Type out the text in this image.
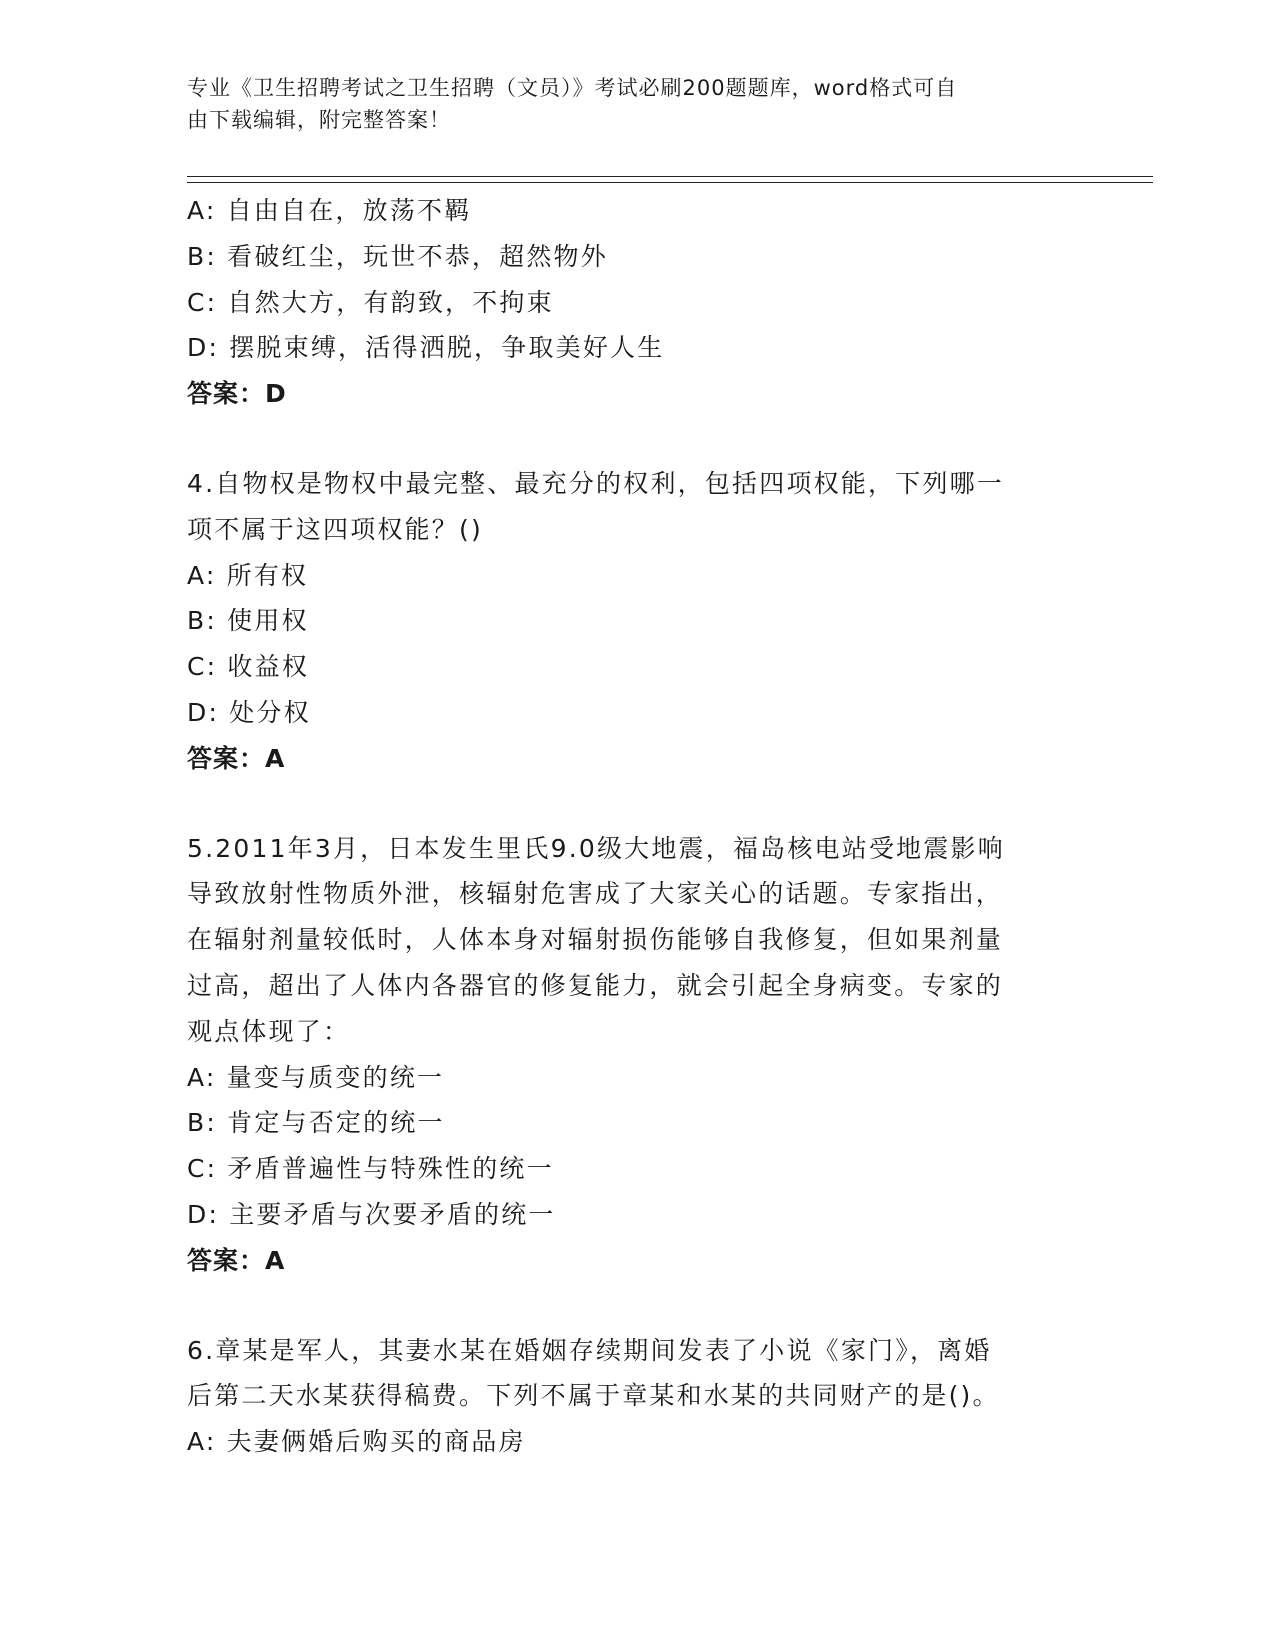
专业《卫生招聘考试之卫生招聘（文员）》考试必刷200题题库，word格式可自
由下载编辑，附完整答案！
A: 自由自在，放荡不羁
B: 看破红尘，玩世不恭，超然物外
C: 自然大方，有韵致，不拘束
D: 摆脱束缚，活得洒脱，争取美好人生
答案：D
4.自物权是物权中最完整、最充分的权利，包括四项权能，下列哪一
项不属于这四项权能？()
A: 所有权
B: 使用权
C: 收益权
D: 处分权
答案：A
5.2011年3月，日本发生里氏9.0级大地震，福岛核电站受地震影响
导致放射性物质外泄，核辐射危害成了大家关心的话题。专家指出，
在辐射剂量较低时，人体本身对辐射损伤能够自我修复，但如果剂量
过高，超出了人体内各器官的修复能力，就会引起全身病变。专家的
观点体现了：
A: 量变与质变的统一
B: 肯定与否定的统一
C: 矛盾普遍性与特殊性的统一
D: 主要矛盾与次要矛盾的统一
答案：A
6.章某是军人，其妻水某在婚姻存续期间发表了小说《家门》，离婚
后第二天水某获得稿费。下列不属于章某和水某的共同财产的是()。
A: 夫妻俩婚后购买的商品房
